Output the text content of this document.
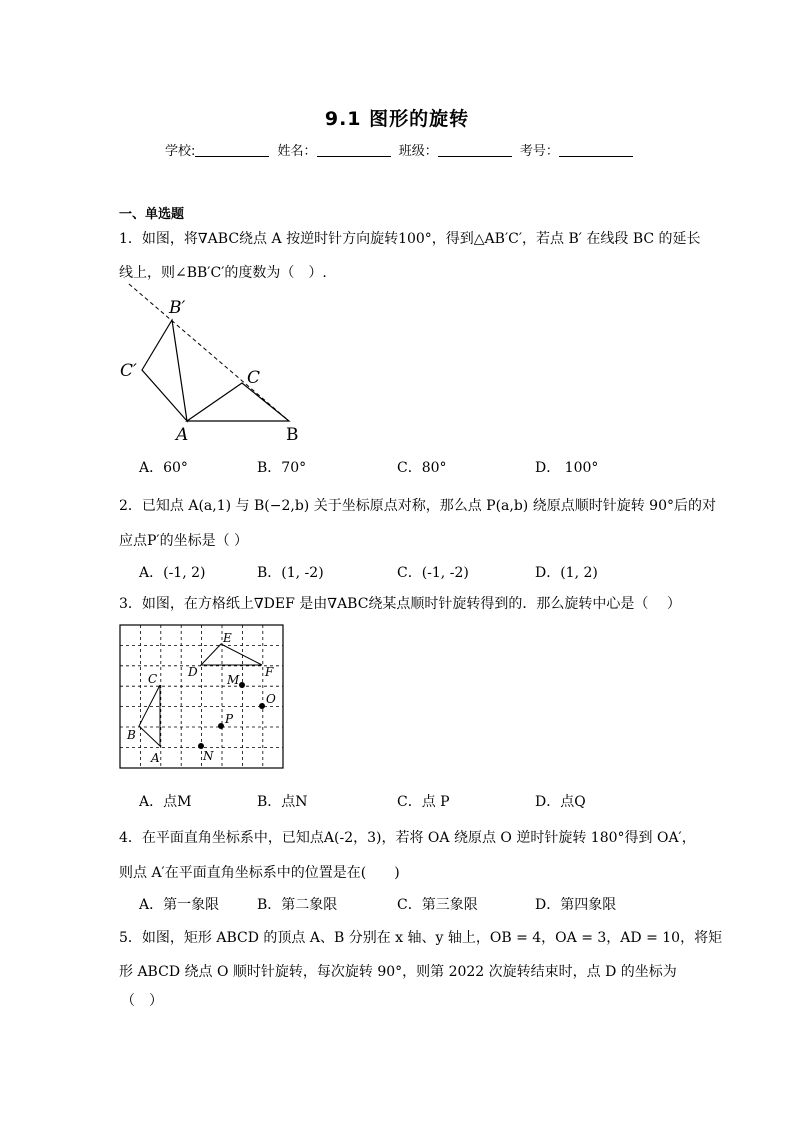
9.1 图形的旋转
学校:	姓名：	班级：	考号：
一、单选题
1．如图，将∇ABC绕点 A 按逆时针方向旋转100°，得到△AB′C′，若点 B′ 在线段 BC 的延长
线上，则∠BB′C′的度数为（　）.
B′
C′	C
A	B
A．60°	B．70°	C．80°	D． 100°
2．已知点 A(a,1) 与 B(−2,b) 关于坐标原点对称，那么点 P(a,b) 绕原点顺时针旋转 90°后的对
应点P′的坐标是（ ）
A．(-1, 2)	B．(1, -2)	C．(-1, -2)	D．(1, 2)
3．如图，在方格纸上∇DEF 是由∇ABC绕某点顺时针旋转得到的．那么旋转中心是（　 ）
E
D	F
C	M
O
P
B
A	N
A．点M	B．点N	C．点 P	D．点Q
4．在平面直角坐标系中，已知点A(-2，3)，若将 OA 绕原点 O 逆时针旋转 180°得到 OA′，
则点 A′在平面直角坐标系中的位置是在(　　)
A．第一象限	B．第二象限	C．第三象限	D．第四象限
5．如图，矩形 ABCD 的顶点 A、B 分别在 x 轴、y 轴上，OB = 4，OA = 3，AD = 10，将矩
形 ABCD 绕点 O 顺时针旋转，每次旋转 90°，则第 2022 次旋转结束时，点 D 的坐标为
（　）
